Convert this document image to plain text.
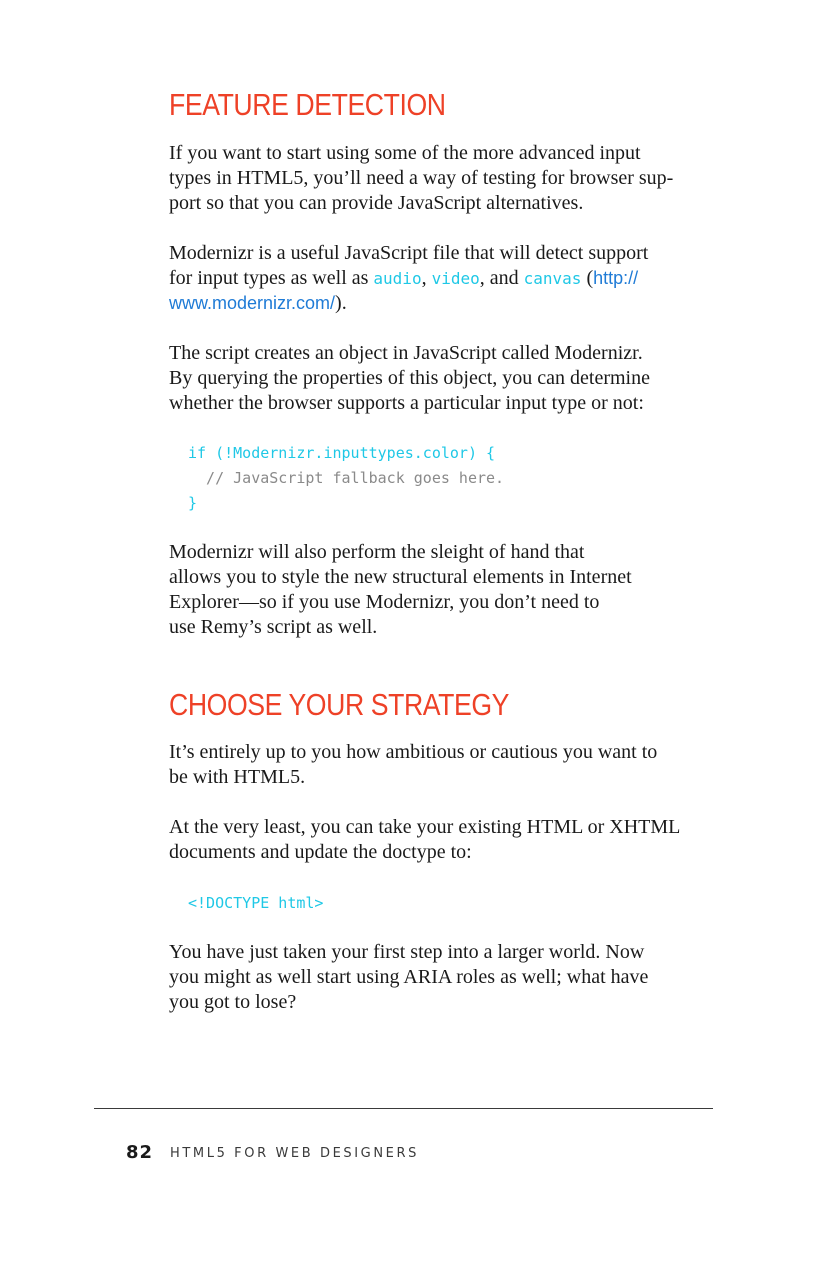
FEATURE DETECTION

If you want to start using some of the more advanced input
types in HTML5, you’ll need a way of testing for browser sup-
port so that you can provide JavaScript alternatives.

Modernizr is a useful JavaScript file that will detect support
for input types as well as audio, video, and canvas (http://
www.modernizr.com/).

The script creates an object in JavaScript called Modernizr.
By querying the properties of this object, you can determine
whether the browser supports a particular input type or not:

if (!Modernizr.inputtypes.color) {
// JavaScript fallback goes here.
}

Modernizr will also perform the sleight of hand that
allows you to style the new structural elements in Internet
Explorer—so if you use Modernizr, you don’t need to
use Remy’s script as well.

CHOOSE YOUR STRATEGY

It’s entirely up to you how ambitious or cautious you want to
be with HTML5.

At the very least, you can take your existing HTML or XHTML
documents and update the doctype to:

<!DOCTYPE html>

You have just taken your first step into a larger world. Now
you might as well start using ARIA roles as well; what have
you got to lose?

82 HTML5 FOR WEB DESIGNERS
